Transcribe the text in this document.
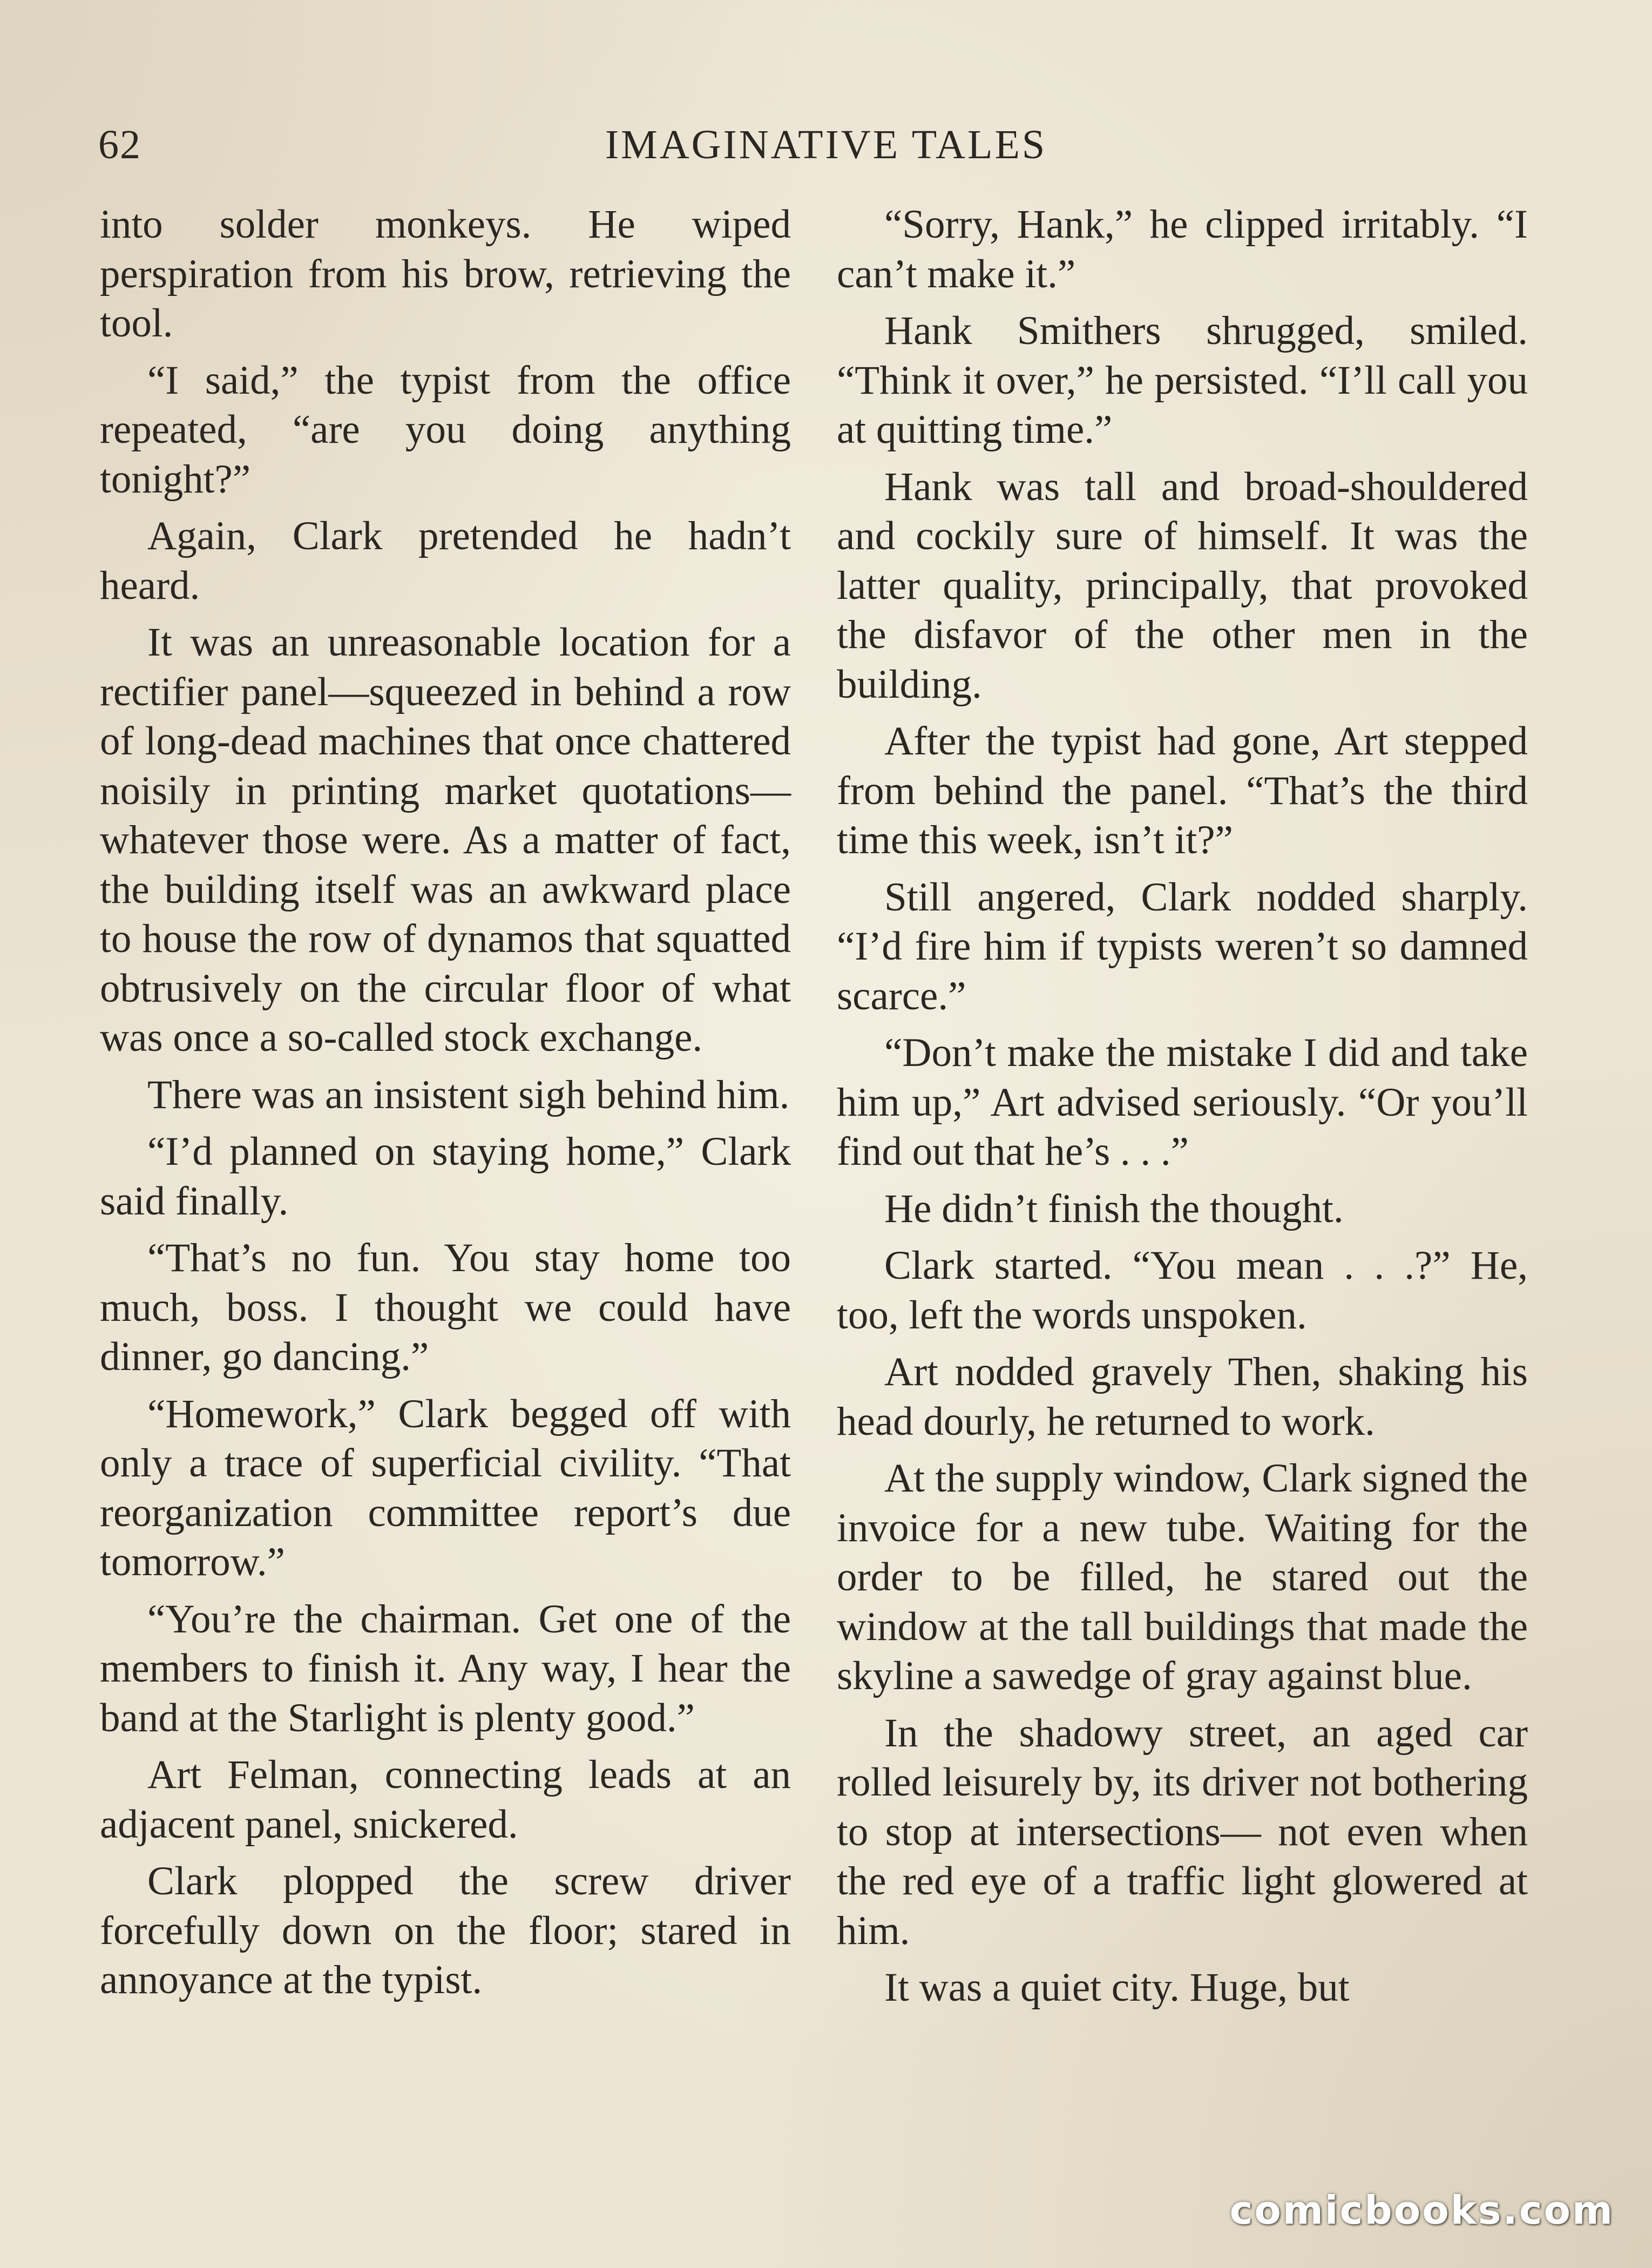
IMAGINATIVE TALES
62

into solder monkeys. He wiped perspiration from his brow, retrieving the tool.

“I said,” the typist from the office repeated, “are you doing anything tonight?”

Again, Clark pretended he hadn’t heard.

It was an unreasonable location for a rectifier panel—squeezed in behind a row of long-dead machines that once chattered noisily in printing market quotations—whatever those were. As a matter of fact, the building itself was an awkward place to house the row of dynamos that squatted obtrusively on the circular floor of what was once a so-called stock exchange.

There was an insistent sigh behind him.

“I’d planned on staying home,” Clark said finally.

“That’s no fun. You stay home too much, boss. I thought we could have dinner, go dancing.”

“Homework,” Clark begged off with only a trace of superficial civility. “That reorganization committee report’s due tomorrow.”

“You’re the chairman. Get one of the members to finish it. Any way, I hear the band at the Starlight is plenty good.”

Art Felman, connecting leads at an adjacent panel, snickered.

Clark plopped the screw driver forcefully down on the floor; stared in annoyance at the typist.

“Sorry, Hank,” he clipped irritably. “I can’t make it.”

Hank Smithers shrugged, smiled. “Think it over,” he persisted. “I’ll call you at quitting time.”

Hank was tall and broad-shouldered and cockily sure of himself. It was the latter quality, principally, that provoked the disfavor of the other men in the building.

After the typist had gone, Art stepped from behind the panel. “That’s the third time this week, isn’t it?”

Still angered, Clark nodded sharply. “I’d fire him if typists weren’t so damned scarce.”

“Don’t make the mistake I did and take him up,” Art advised seriously. “Or you’ll find out that he’s . . .”

He didn’t finish the thought.

Clark started. “You mean . . .?” He, too, left the words unspoken.

Art nodded gravely Then, shaking his head dourly, he returned to work.

At the supply window, Clark signed the invoice for a new tube. Waiting for the order to be filled, he stared out the window at the tall buildings that made the skyline a sawedge of gray against blue.

In the shadowy street, an aged car rolled leisurely by, its driver not bothering to stop at intersections— not even when the red eye of a traffic light glowered at him.

It was a quiet city. Huge, but

comicbooks.com
